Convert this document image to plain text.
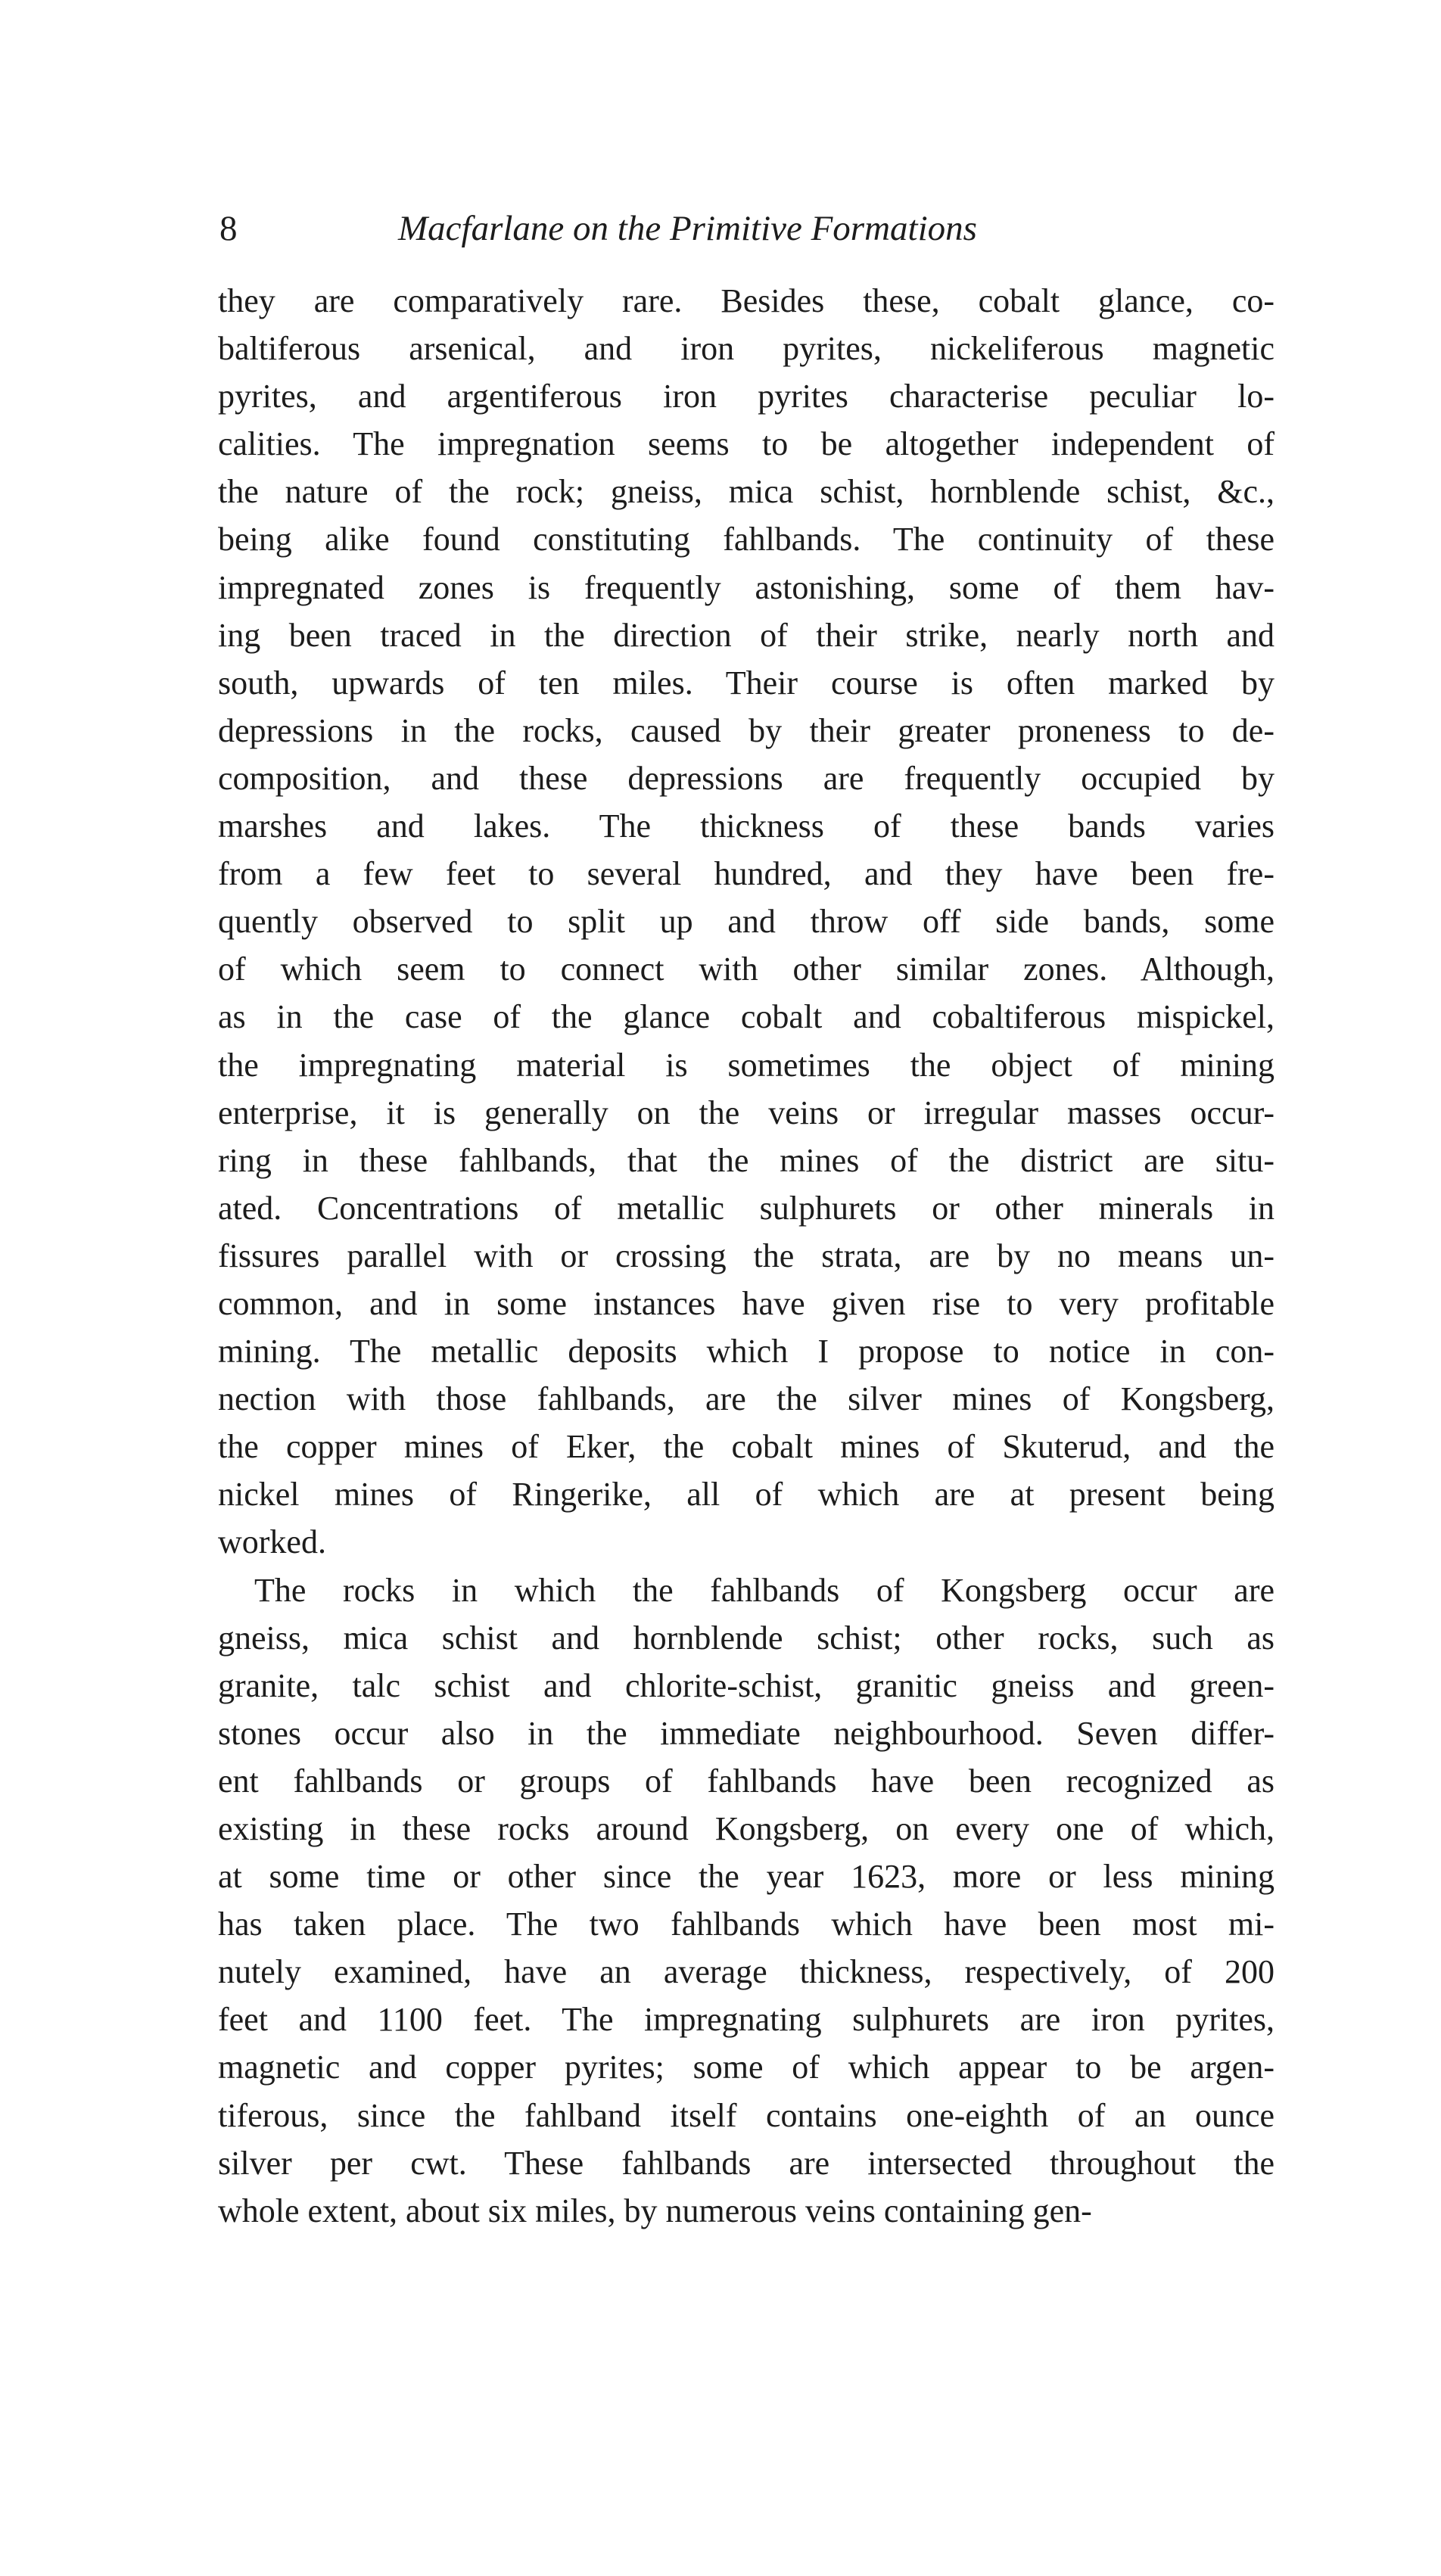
8	Macfarlane on the Primitive Formations
they are comparatively rare. Besides these, cobalt glance, co-
baltiferous arsenical, and iron pyrites, nickeliferous magnetic
pyrites, and argentiferous iron pyrites characterise peculiar lo-
calities. The impregnation seems to be altogether independent of
the nature of the rock; gneiss, mica schist, hornblende schist, &c.,
being alike found constituting fahlbands. The continuity of these
impregnated zones is frequently astonishing, some of them hav-
ing been traced in the direction of their strike, nearly north and
south, upwards of ten miles. Their course is often marked by
depressions in the rocks, caused by their greater proneness to de-
composition, and these depressions are frequently occupied by
marshes and lakes. The thickness of these bands varies
from a few feet to several hundred, and they have been fre-
quently observed to split up and throw off side bands, some
of which seem to connect with other similar zones. Although,
as in the case of the glance cobalt and cobaltiferous mispickel,
the impregnating material is sometimes the object of mining
enterprise, it is generally on the veins or irregular masses occur-
ring in these fahlbands, that the mines of the district are situ-
ated. Concentrations of metallic sulphurets or other minerals in
fissures parallel with or crossing the strata, are by no means un-
common, and in some instances have given rise to very profitable
mining. The metallic deposits which I propose to notice in con-
nection with those fahlbands, are the silver mines of Kongsberg,
the copper mines of Eker, the cobalt mines of Skuterud, and the
nickel mines of Ringerike, all of which are at present being
worked.
The rocks in which the fahlbands of Kongsberg occur are
gneiss, mica schist and hornblende schist; other rocks, such as
granite, talc schist and chlorite-schist, granitic gneiss and green-
stones occur also in the immediate neighbourhood. Seven differ-
ent fahlbands or groups of fahlbands have been recognized as
existing in these rocks around Kongsberg, on every one of which,
at some time or other since the year 1623, more or less mining
has taken place. The two fahlbands which have been most mi-
nutely examined, have an average thickness, respectively, of 200
feet and 1100 feet. The impregnating sulphurets are iron pyrites,
magnetic and copper pyrites; some of which appear to be argen-
tiferous, since the fahlband itself contains one-eighth of an ounce
silver per cwt. These fahlbands are intersected throughout the
whole extent, about six miles, by numerous veins containing gen-
